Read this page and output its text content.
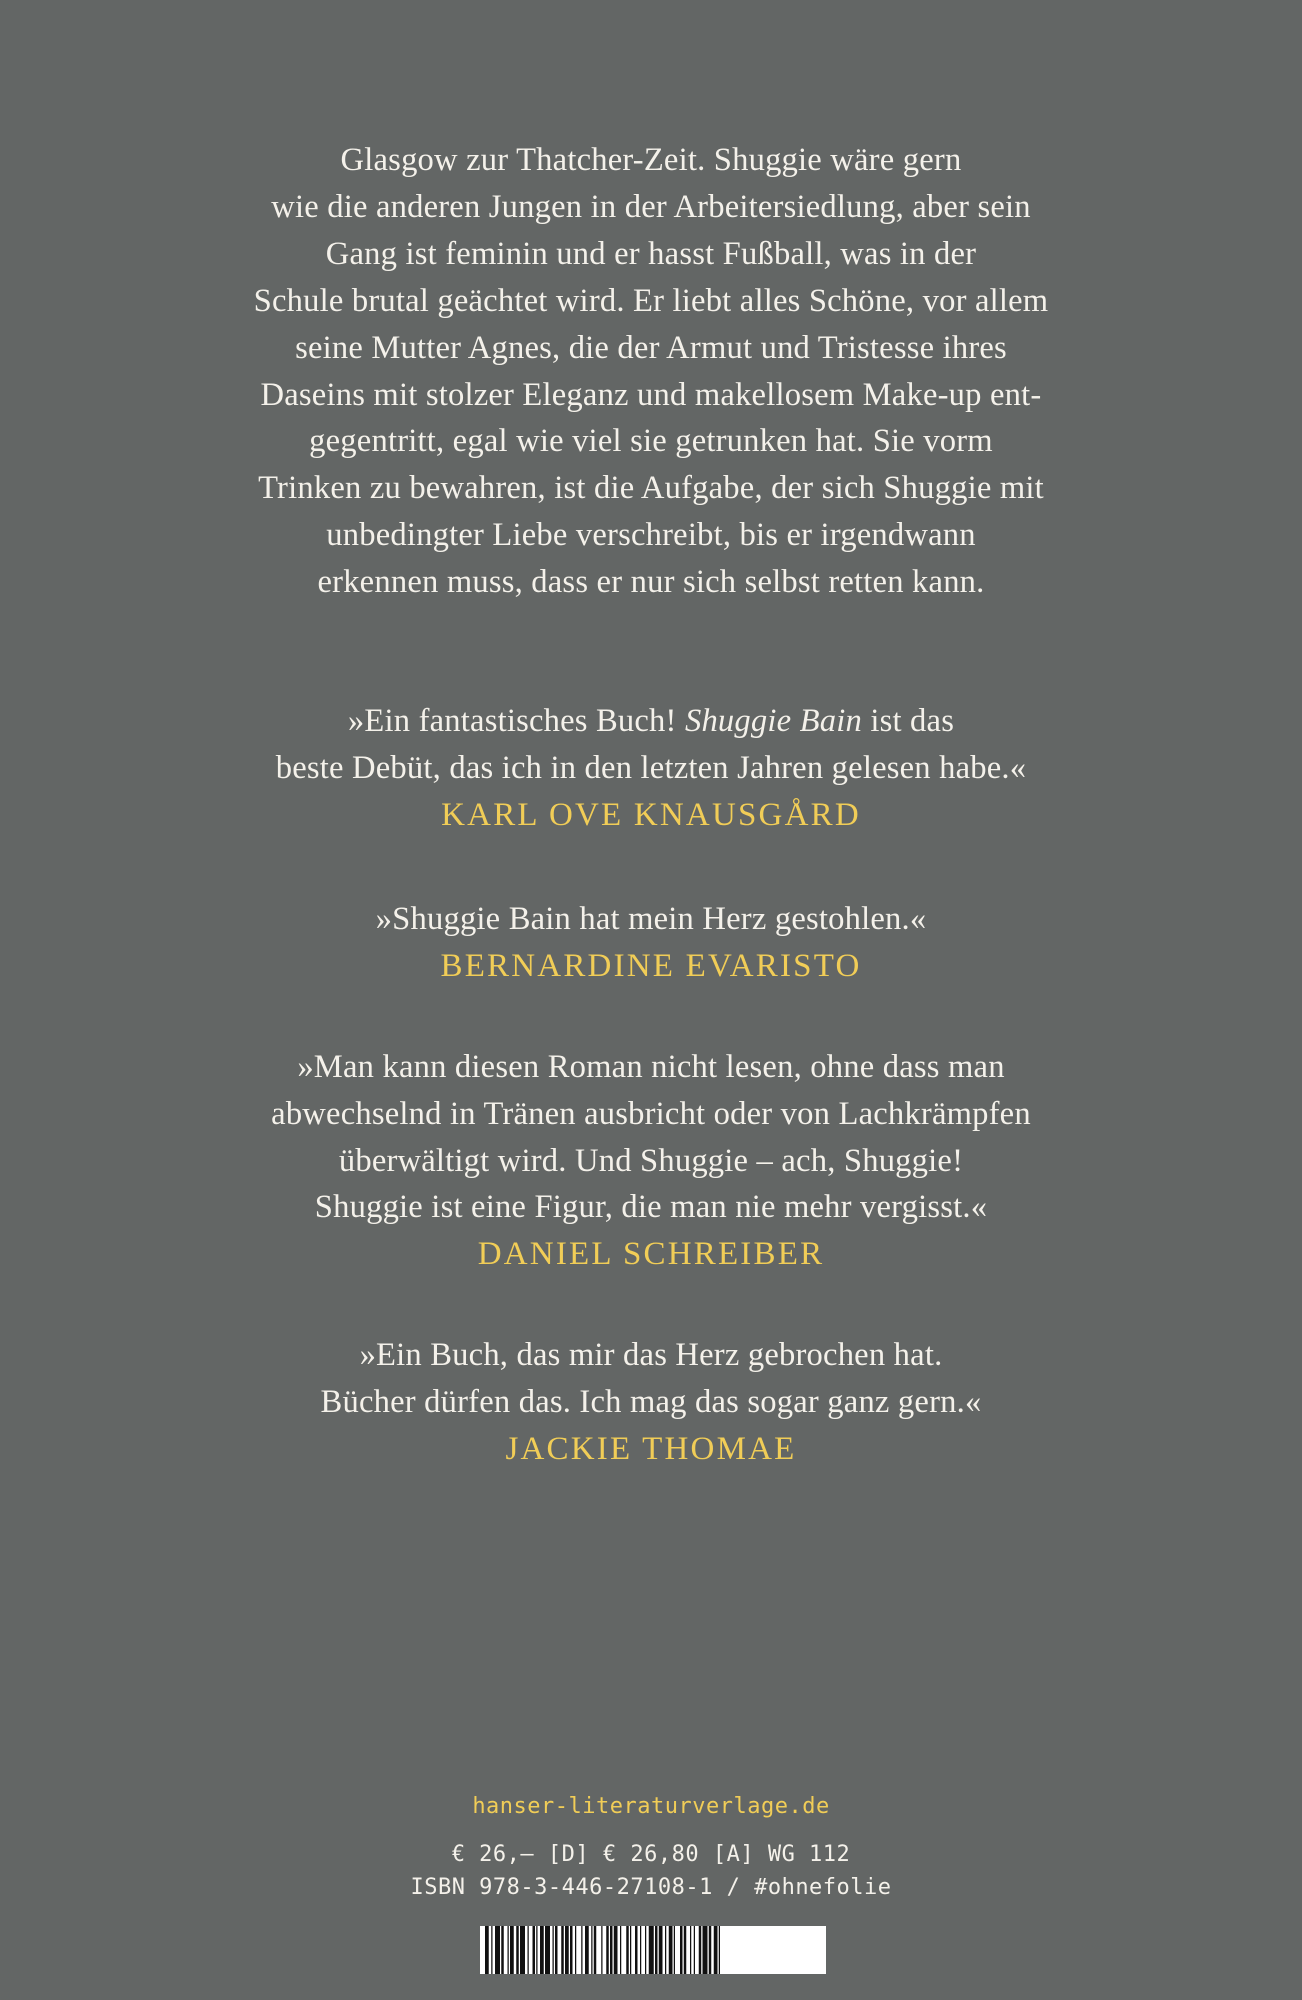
Glasgow zur Thatcher-Zeit. Shuggie wäre gern
wie die anderen Jungen in der Arbeitersiedlung, aber sein
Gang ist feminin und er hasst Fußball, was in der
Schule brutal geächtet wird. Er liebt alles Schöne, vor allem
seine Mutter Agnes, die der Armut und Tristesse ihres
Daseins mit stolzer Eleganz und makellosem Make-up ent-
gegentritt, egal wie viel sie getrunken hat. Sie vorm
Trinken zu bewahren, ist die Aufgabe, der sich Shuggie mit
unbedingter Liebe verschreibt, bis er irgendwann
erkennen muss, dass er nur sich selbst retten kann.
»Ein fantastisches Buch! Shuggie Bain ist das
beste Debüt, das ich in den letzten Jahren gelesen habe.«
KARL OVE KNAUSGÅRD
»Shuggie Bain hat mein Herz gestohlen.«
BERNARDINE EVARISTO
»Man kann diesen Roman nicht lesen, ohne dass man
abwechselnd in Tränen ausbricht oder von Lachkrämpfen
überwältigt wird. Und Shuggie – ach, Shuggie!
Shuggie ist eine Figur, die man nie mehr vergisst.«
DANIEL SCHREIBER
»Ein Buch, das mir das Herz gebrochen hat.
Bücher dürfen das. Ich mag das sogar ganz gern.«
JACKIE THOMAE
hanser-literaturverlage.de
€ 26,– [D] € 26,80 [A] WG 112
ISBN 978-3-446-27108-1 / #ohnefolie
